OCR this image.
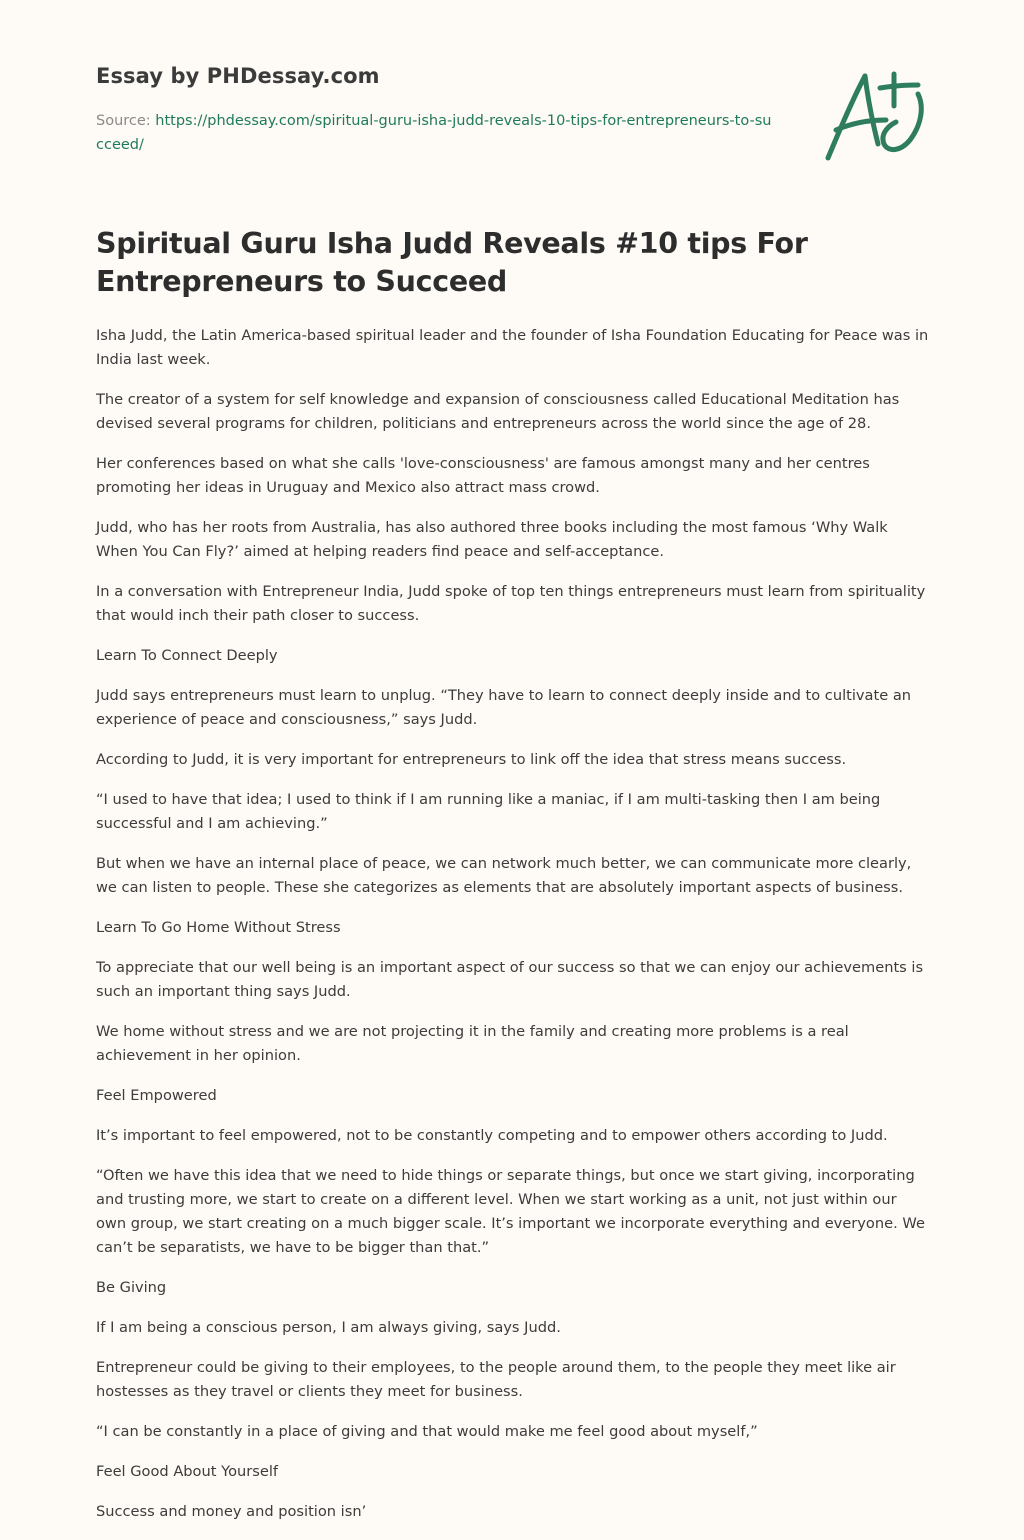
Essay by PHDessay.com

Source: https://phdessay.com/spiritual-guru-isha-judd-reveals-10-tips-for-entrepreneurs-to-succeed/

Spiritual Guru Isha Judd Reveals #10 tips For Entrepreneurs to Succeed

Isha Judd, the Latin America-based spiritual leader and the founder of Isha Foundation Educating for Peace was in India last week.

The creator of a system for self knowledge and expansion of consciousness called Educational Meditation has devised several programs for children, politicians and entrepreneurs across the world since the age of 28.

Her conferences based on what she calls 'love-consciousness' are famous amongst many and her centres promoting her ideas in Uruguay and Mexico also attract mass crowd.

Judd, who has her roots from Australia, has also authored three books including the most famous ‘Why Walk When You Can Fly?’ aimed at helping readers find peace and self-acceptance.

In a conversation with Entrepreneur India, Judd spoke of top ten things entrepreneurs must learn from spirituality that would inch their path closer to success.

Learn To Connect Deeply

Judd says entrepreneurs must learn to unplug. “They have to learn to connect deeply inside and to cultivate an experience of peace and consciousness,” says Judd.

According to Judd, it is very important for entrepreneurs to link off the idea that stress means success.

“I used to have that idea; I used to think if I am running like a maniac, if I am multi-tasking then I am being successful and I am achieving.”

But when we have an internal place of peace, we can network much better, we can communicate more clearly, we can listen to people. These she categorizes as elements that are absolutely important aspects of business.

Learn To Go Home Without Stress

To appreciate that our well being is an important aspect of our success so that we can enjoy our achievements is such an important thing says Judd.

We home without stress and we are not projecting it in the family and creating more problems is a real achievement in her opinion.

Feel Empowered

It’s important to feel empowered, not to be constantly competing and to empower others according to Judd.

“Often we have this idea that we need to hide things or separate things, but once we start giving, incorporating and trusting more, we start to create on a different level. When we start working as a unit, not just within our own group, we start creating on a much bigger scale. It’s important we incorporate everything and everyone. We can’t be separatists, we have to be bigger than that.”

Be Giving

If I am being a conscious person, I am always giving, says Judd.

Entrepreneur could be giving to their employees, to the people around them, to the people they meet like air hostesses as they travel or clients they meet for business.

“I can be constantly in a place of giving and that would make me feel good about myself,”

Feel Good About Yourself

Success and money and position isn’
